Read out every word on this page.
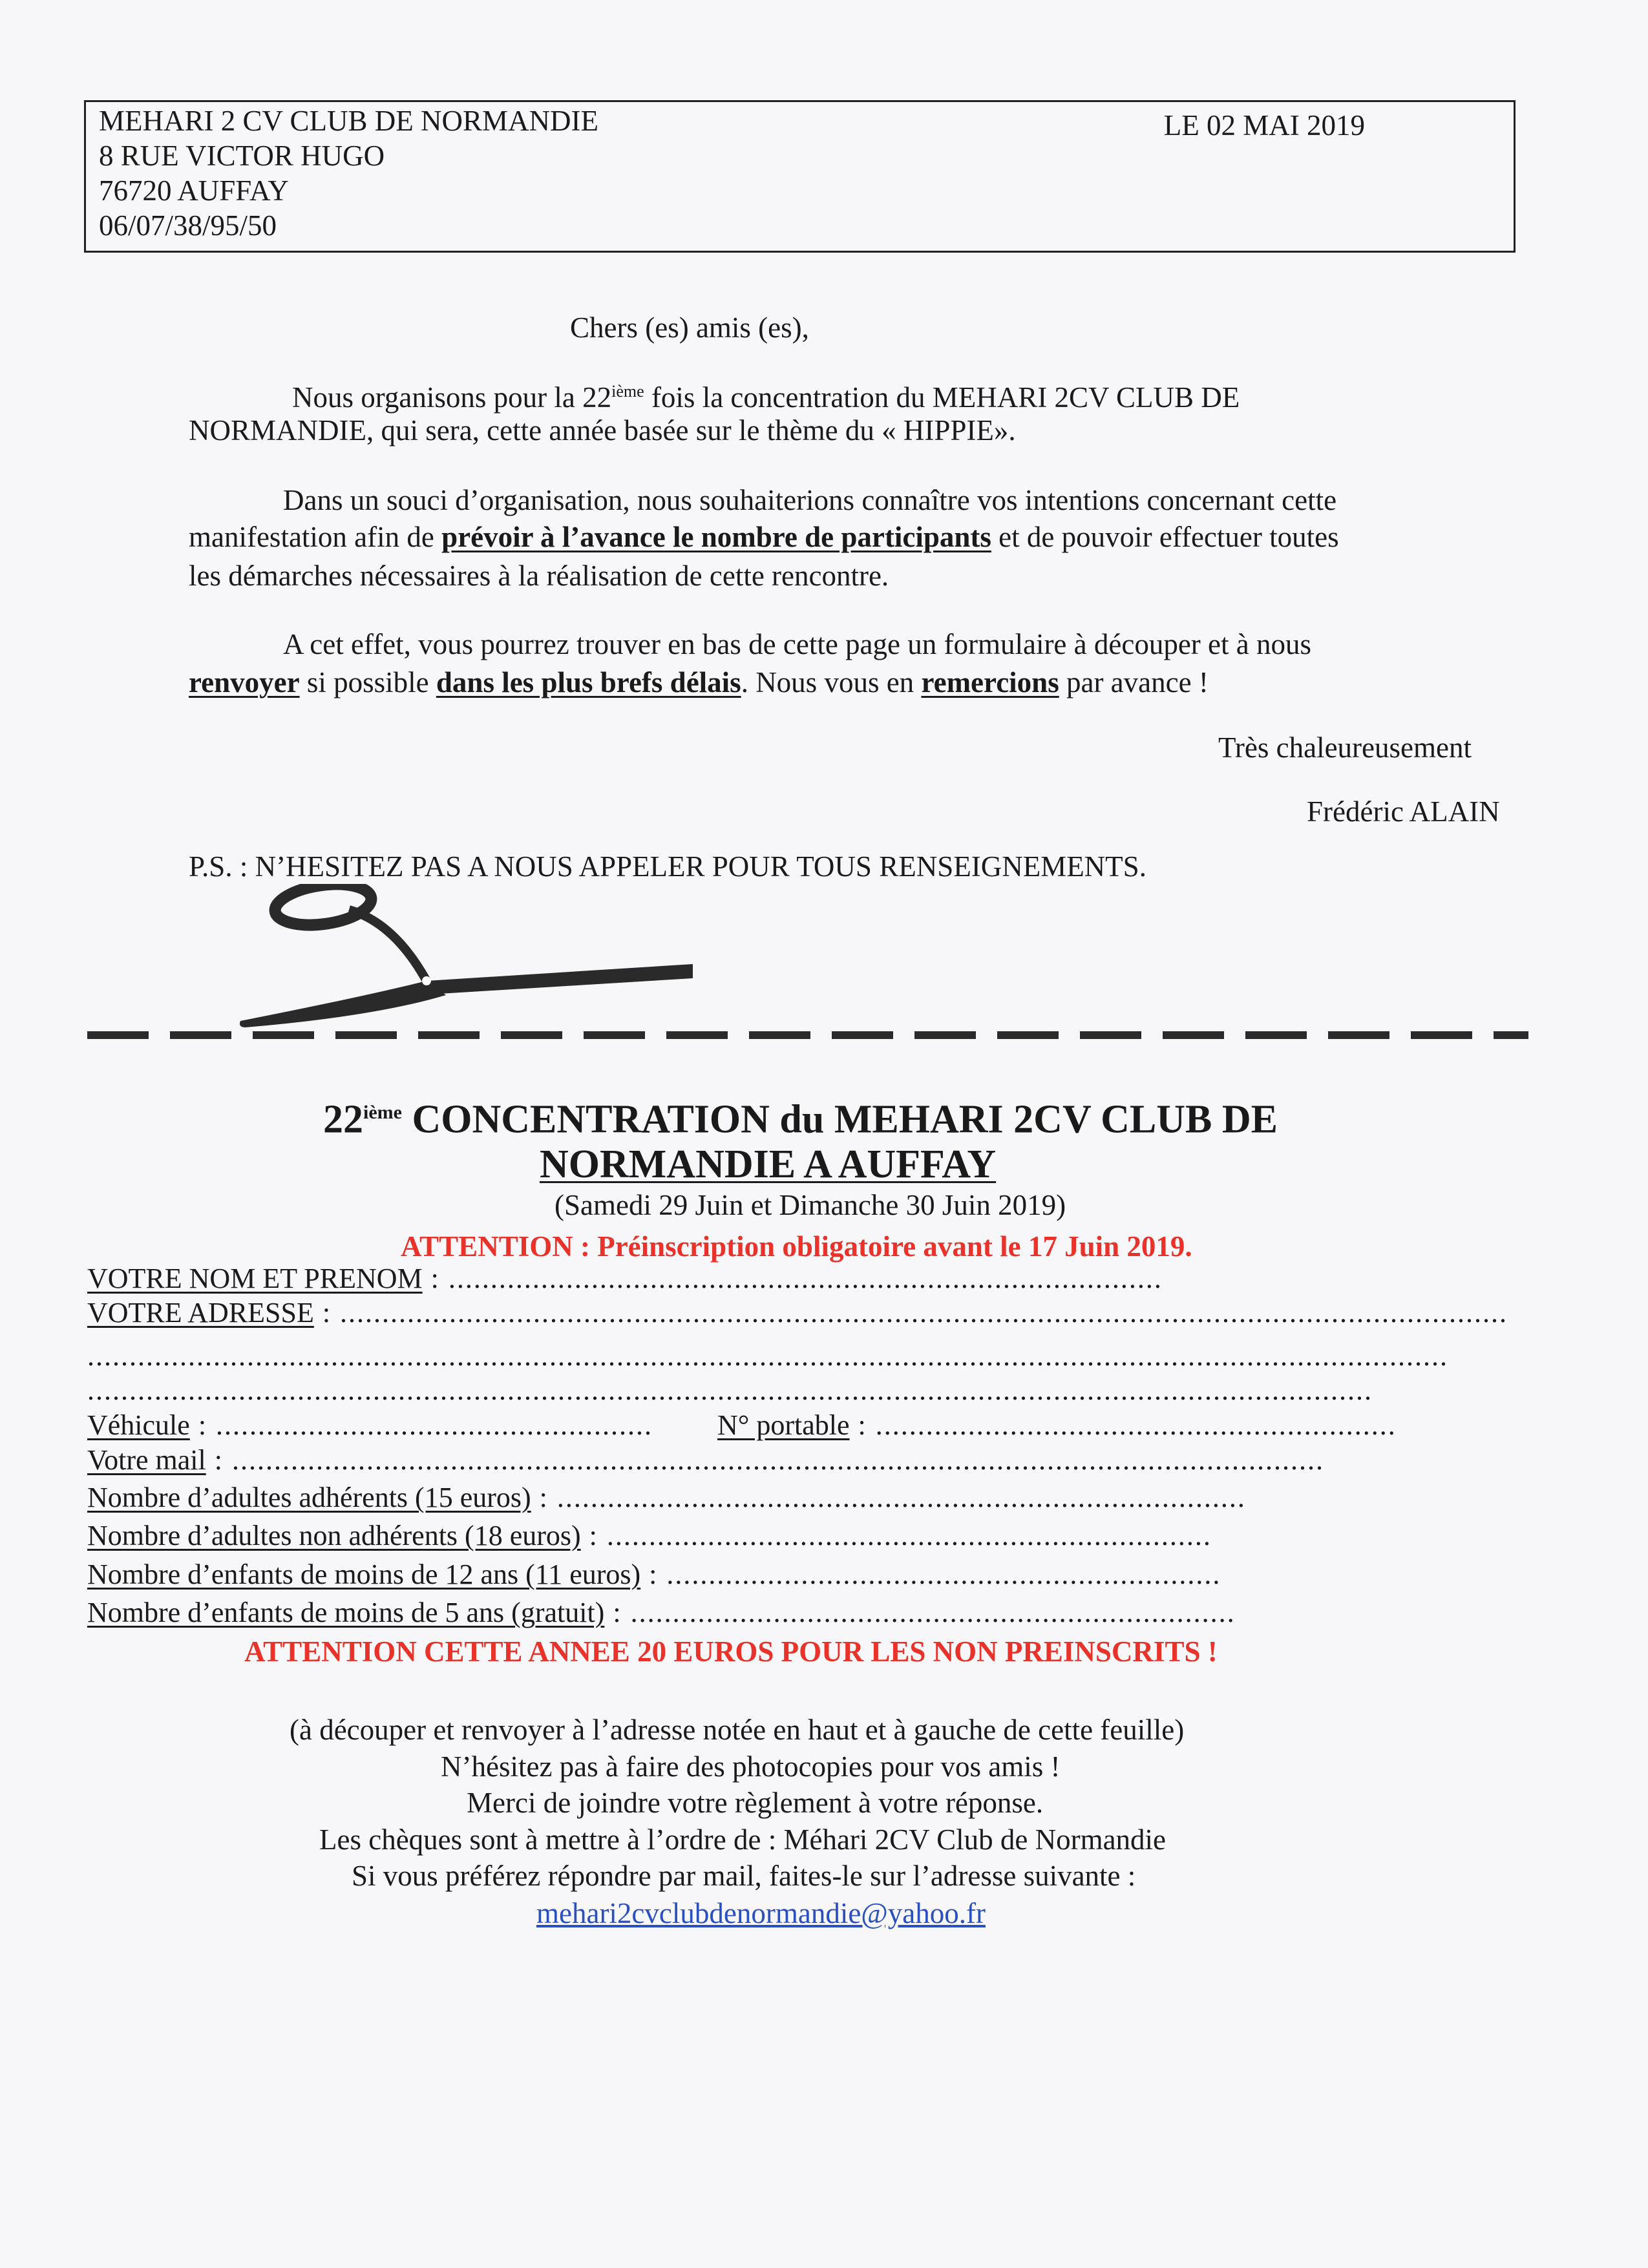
MEHARI 2 CV CLUB DE NORMANDIE
8 RUE VICTOR HUGO
76720 AUFFAY
06/07/38/95/50
LE 02 MAI 2019
Chers (es) amis (es),
Nous organisons pour la 22ième fois la concentration du MEHARI 2CV CLUB DE
NORMANDIE, qui sera, cette année basée sur le thème du « HIPPIE».
Dans un souci d’organisation, nous souhaiterions connaître vos intentions concernant cette
manifestation afin de prévoir à l’avance le nombre de participants et de pouvoir effectuer toutes
les démarches nécessaires à la réalisation de cette rencontre.
A cet effet, vous pourrez trouver en bas de cette page un formulaire à découper et à nous
renvoyer si possible dans les plus brefs délais. Nous vous en remercions par avance !
Très chaleureusement
Frédéric ALAIN
P.S. : N’HESITEZ PAS A NOUS APPELER POUR TOUS RENSEIGNEMENTS.
22ième CONCENTRATION du MEHARI 2CV CLUB DE
NORMANDIE A AUFFAY
(Samedi 29 Juin et Dimanche 30 Juin 2019)
ATTENTION : Préinscription obligatoire avant le 17 Juin 2019.
VOTRE NOM ET PRENOM : .....................................................................................
VOTRE ADRESSE : ...........................................................................................................................................
..................................................................................................................................................................
.........................................................................................................................................................
Véhicule : .................................................... N° portable : ..............................................................
Votre mail : ..................................................................................................................................
Nombre d’adultes adhérents (15 euros) : ..................................................................................
Nombre d’adultes non adhérents (18 euros) : ........................................................................
Nombre d’enfants de moins de 12 ans (11 euros) : ..................................................................
Nombre d’enfants de moins de 5 ans (gratuit) : ........................................................................
ATTENTION CETTE ANNEE 20 EUROS POUR LES NON PREINSCRITS !
(à découper et renvoyer à l’adresse notée en haut et à gauche de cette feuille)
N’hésitez pas à faire des photocopies pour vos amis !
Merci de joindre votre règlement à votre réponse.
Les chèques sont à mettre à l’ordre de : Méhari 2CV Club de Normandie
Si vous préférez répondre par mail, faites-le sur l’adresse suivante :
mehari2cvclubdenormandie@yahoo.fr
